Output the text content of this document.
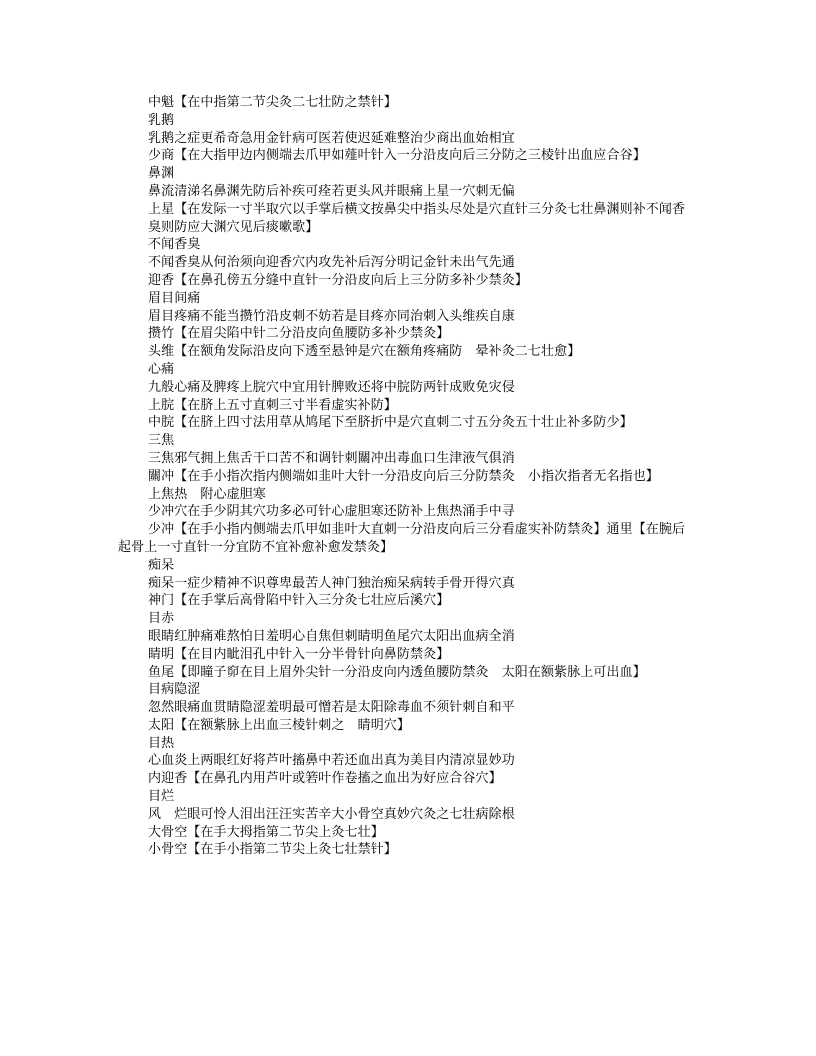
中魁【在中指第二节尖灸二七壮防之禁针】

乳鹅

乳鹅之症更希奇急用金针病可医若使迟延难整治少商出血始相宜

少商【在大指甲边内侧端去爪甲如薤叶针入一分沿皮向后三分防之三棱针出血应合谷】

鼻渊

鼻流清涕名鼻渊先防后补疾可痊若更头风并眼痛上星一穴刺无偏

上星【在发际一寸半取穴以手掌后横文按鼻尖中指头尽处是穴直针三分灸七壮鼻渊则补不闻香臭则防应大渊穴见后痰嗽歌】

不闻香臭

不闻香臭从何治须向迎香穴内攻先补后泻分明记金针未出气先通

迎香【在鼻孔傍五分缝中直针一分沿皮向后上三分防多补少禁灸】

眉目间痛

眉目疼痛不能当攒竹沿皮刺不妨若是目疼亦同治刺入头维疾自康

攒竹【在眉尖陷中针二分沿皮向鱼腰防多补少禁灸】

头维【在额角发际沿皮向下透至悬钟是穴在额角疼痛防　晕补灸二七壮愈】

心痛

九般心痛及脾疼上脘穴中宜用针脾败还将中脘防两针成败免灾侵

上脘【在脐上五寸直刺三寸半看虚实补防】

中脘【在脐上四寸法用草从鸠尾下至脐折中是穴直刺二寸五分灸五十壮止补多防少】

三焦

三焦邪气拥上焦舌干口苦不和调针刺關冲出毒血口生津液气俱消

關冲【在手小指次指内侧端如韭叶大针一分沿皮向后三分防禁灸　小指次指者无名指也】

上焦热　附心虚胆寒

少冲穴在手少阴其穴功多必可针心虚胆寒还防补上焦热涌手中寻

少冲【在手小指内侧端去爪甲如韭叶大直刺一分沿皮向后三分看虚实补防禁灸】通里【在腕后起骨上一寸直针一分宜防不宜补愈补愈发禁灸】

痴呆

痴呆一症少精神不识尊卑最苦人神门独治痴呆病转手骨开得穴真

神门【在手掌后高骨陷中针入三分灸七壮应后溪穴】

目赤

眼睛红肿痛难熬怕日羞明心自焦但刺睛明鱼尾穴太阳出血病全消

睛明【在目内眦泪孔中针入一分半骨针向鼻防禁灸】

鱼尾【即瞳子窌在目上眉外尖针一分沿皮向内透鱼腰防禁灸　太阳在额紫脉上可出血】

目病隐涩

忽然眼痛血贯睛隐涩羞明最可憎若是太阳除毒血不须针刺自和平

太阳【在额紫脉上出血三棱针刺之　睛明穴】

目热

心血炎上两眼红好将芦叶搐鼻中若还血出真为美目内清凉显妙功

内迎香【在鼻孔内用芦叶或箬叶作卷搐之血出为好应合谷穴】

目烂

风　烂眼可怜人泪出汪汪实苦辛大小骨空真妙穴灸之七壮病除根

大骨空【在手大拇指第二节尖上灸七壮】

小骨空【在手小指第二节尖上灸七壮禁针】
